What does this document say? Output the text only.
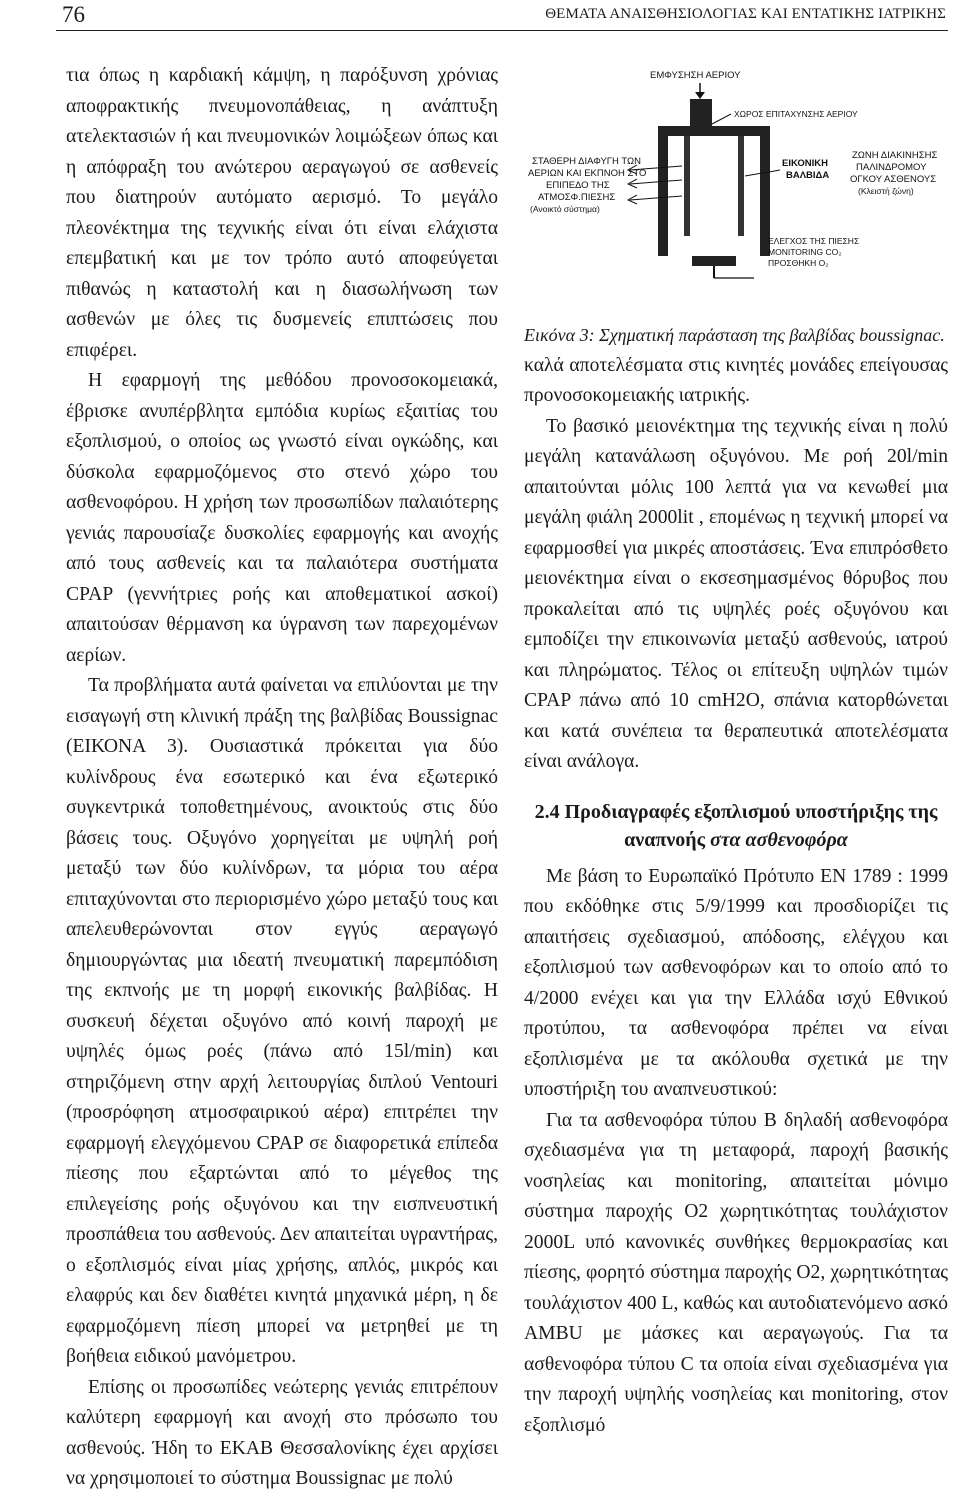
76	ΘΕΜΑΤΑ ΑΝΑΙΣΘΗΣΙΟΛΟΓΙΑΣ ΚΑΙ ΕΝΤΑΤΙΚΗΣ ΙΑΤΡΙΚΗΣ

τια όπως η καρδιακή κάμψη, η παρόξυνση χρόνιας αποφρακτικής πνευμονοπάθειας, η ανάπτυξη ατελεκτασιών ή και πνευμονικών λοιμώξεων όπως και η απόφραξη του ανώτερου αεραγωγού σε ασθενείς που διατηρούν αυτόματο αερισμό. Το μεγάλο πλεονέκτημα της τεχνικής είναι ότι είναι ελάχιστα επεμβατική και με τον τρόπο αυτό αποφεύγεται πιθανώς η καταστολή και η διασωλήνωση των ασθενών με όλες τις δυσμενείς επιπτώσεις που επιφέρει.

Η εφαρμογή της μεθόδου προνοσοκομειακά, έβρισκε ανυπέρβλητα εμπόδια κυρίως εξαιτίας του εξοπλισμού, ο οποίος ως γνωστό είναι ογκώδης, και δύσκολα εφαρμοζόμενος στο στενό χώρο του ασθενοφόρου. Η χρήση των προσωπίδων παλαιότερης γενιάς παρουσίαζε δυσκολίες εφαρμογής και ανοχής από τους ασθενείς και τα παλαιότερα συστήματα CPAP (γεννήτριες ροής και αποθεματικοί ασκοί) απαιτούσαν θέρμανση κα ύγρανση των παρεχομένων αερίων.

Τα προβλήματα αυτά φαίνεται να επιλύονται με την εισαγωγή στη κλινική πράξη της βαλβίδας Boussignac (ΕΙΚΟΝΑ 3). Ουσιαστικά πρόκειται για δύο κυλίνδρους ένα εσωτερικό και ένα εξωτερικό συγκεντρικά τοποθετημένους, ανοικτούς στις δύο βάσεις τους. Οξυγόνο χορηγείται με υψηλή ροή μεταξύ των δύο κυλίνδρων, τα μόρια του αέρα επιταχύνονται στο περιορισμένο χώρο μεταξύ τους και απελευθερώνονται στον εγγύς αεραγωγό δημιουργώντας μια ιδεατή πνευματική παρεμπόδιση της εκπνοής με τη μορφή εικονικής βαλβίδας. Η συσκευή δέχεται οξυγόνο από κοινή παροχή με υψηλές όμως ροές (πάνω από 15l/min) και στηριζόμενη στην αρχή λειτουργίας διπλού Ventouri (προσρόφηση ατμοσφαιρικού αέρα) επιτρέπει την εφαρμογή ελεγχόμενου CPAP σε διαφορετικά επίπεδα πίεσης που εξαρτώνται από το μέγεθος της επιλεγείσης ροής οξυγόνου και την εισπνευστική προσπάθεια του ασθενούς. Δεν απαιτείται υγραντήρας, ο εξοπλισμός είναι μίας χρήσης, απλός, μικρός και ελαφρύς και δεν διαθέτει κινητά μηχανικά μέρη, η δε εφαρμοζόμενη πίεση μπορεί να μετρηθεί με τη βοήθεια ειδικού μανόμετρου.

Επίσης οι προσωπίδες νεώτερης γενιάς επιτρέπουν καλύτερη εφαρμογή και ανοχή στο πρόσωπο του ασθενούς. Ήδη το ΕΚΑΒ Θεσσαλονίκης έχει αρχίσει να χρησιμοποιεί το σύστημα Boussignac με πολύ

ΕΜΦΥΣΗΣΗ ΑΕΡΙΟΥ
ΧΩΡΟΣ ΕΠΙΤΑΧΥΝΣΗΣ ΑΕΡΙΟΥ
ΣΤΑΘΕΡΗ ΔΙΑΦΥΓΗ ΤΩΝ
ΑΕΡΙΩΝ ΚΑΙ ΕΚΠΝΟΗ ΣΤΟ
ΕΠΙΠΕΔΟ ΤΗΣ
ΑΤΜΟΣΦ.ΠΙΕΣΗΣ
(Ανοικτό σύστημα)
ΕΙΚΟΝΙΚΗ
ΒΑΛΒΙΔΑ
ΖΩΝΗ ΔΙΑΚΙΝΗΣΗΣ
ΠΑΛΙΝΔΡΟΜΟΥ
ΟΓΚΟΥ ΑΣΘΕΝΟΥΣ
(Κλειστή ζώνη)
ΕΛΕΓΧΟΣ ΤΗΣ ΠΙΕΣΗΣ
MONITORING CO₂
ΠΡΟΣΘΗΚΗ O₂

Εικόνα 3: Σχηματική παράσταση της βαλβίδας boussignac.

καλά αποτελέσματα στις κινητές μονάδες επείγουσας προνοσοκομειακής ιατρικής.

Το βασικό μειονέκτημα της τεχνικής είναι η πολύ μεγάλη κατανάλωση οξυγόνου. Με ροή 20l/min απαιτούνται μόλις 100 λεπτά για να κενωθεί μια μεγάλη φιάλη 2000lit , επομένως η τεχνική μπορεί να εφαρμοσθεί για μικρές αποστάσεις. Ένα επιπρόσθετο μειονέκτημα είναι ο εκσεσημασμένος θόρυβος που προκαλείται από τις υψηλές ροές οξυγόνου και εμποδίζει την επικοινωνία μεταξύ ασθενούς, ιατρού και πληρώματος. Τέλος οι επίτευξη υψηλών τιμών CPAP πάνω από 10 cmH2O, σπάνια κατορθώνεται και κατά συνέπεια τα θεραπευτικά αποτελέσματα είναι ανάλογα.

2.4 Προδιαγραφές εξοπλισμού υποστήριξης της αναπνοής στα ασθενοφόρα

Με βάση το Ευρωπαϊκό Πρότυπο ΕΝ 1789 : 1999 που εκδόθηκε στις 5/9/1999 και προσδιορίζει τις απαιτήσεις σχεδιασμού, απόδοσης, ελέγχου και εξοπλισμού των ασθενοφόρων και το οποίο από το 4/2000 ενέχει και για την Ελλάδα ισχύ Εθνικού προτύπου, τα ασθενοφόρα πρέπει να είναι εξοπλισμένα με τα ακόλουθα σχετικά με την υποστήριξη του αναπνευστικού:

Για τα ασθενοφόρα τύπου Β δηλαδή ασθενοφόρα σχεδιασμένα για τη μεταφορά, παροχή βασικής νοσηλείας και monitoring, απαιτείται μόνιμο σύστημα παροχής O2 χωρητικότητας τουλάχιστον 2000L υπό κανονικές συνθήκες θερμοκρασίας και πίεσης, φορητό σύστημα παροχής O2, χωρητικότητας τουλάχιστον 400 L, καθώς και αυτοδιατενόμενο ασκό AMBU με μάσκες και αεραγωγούς. Για τα ασθενοφόρα τύπου C τα οποία είναι σχεδιασμένα για την παροχή υψηλής νοσηλείας και monitoring, στον εξοπλισμό
